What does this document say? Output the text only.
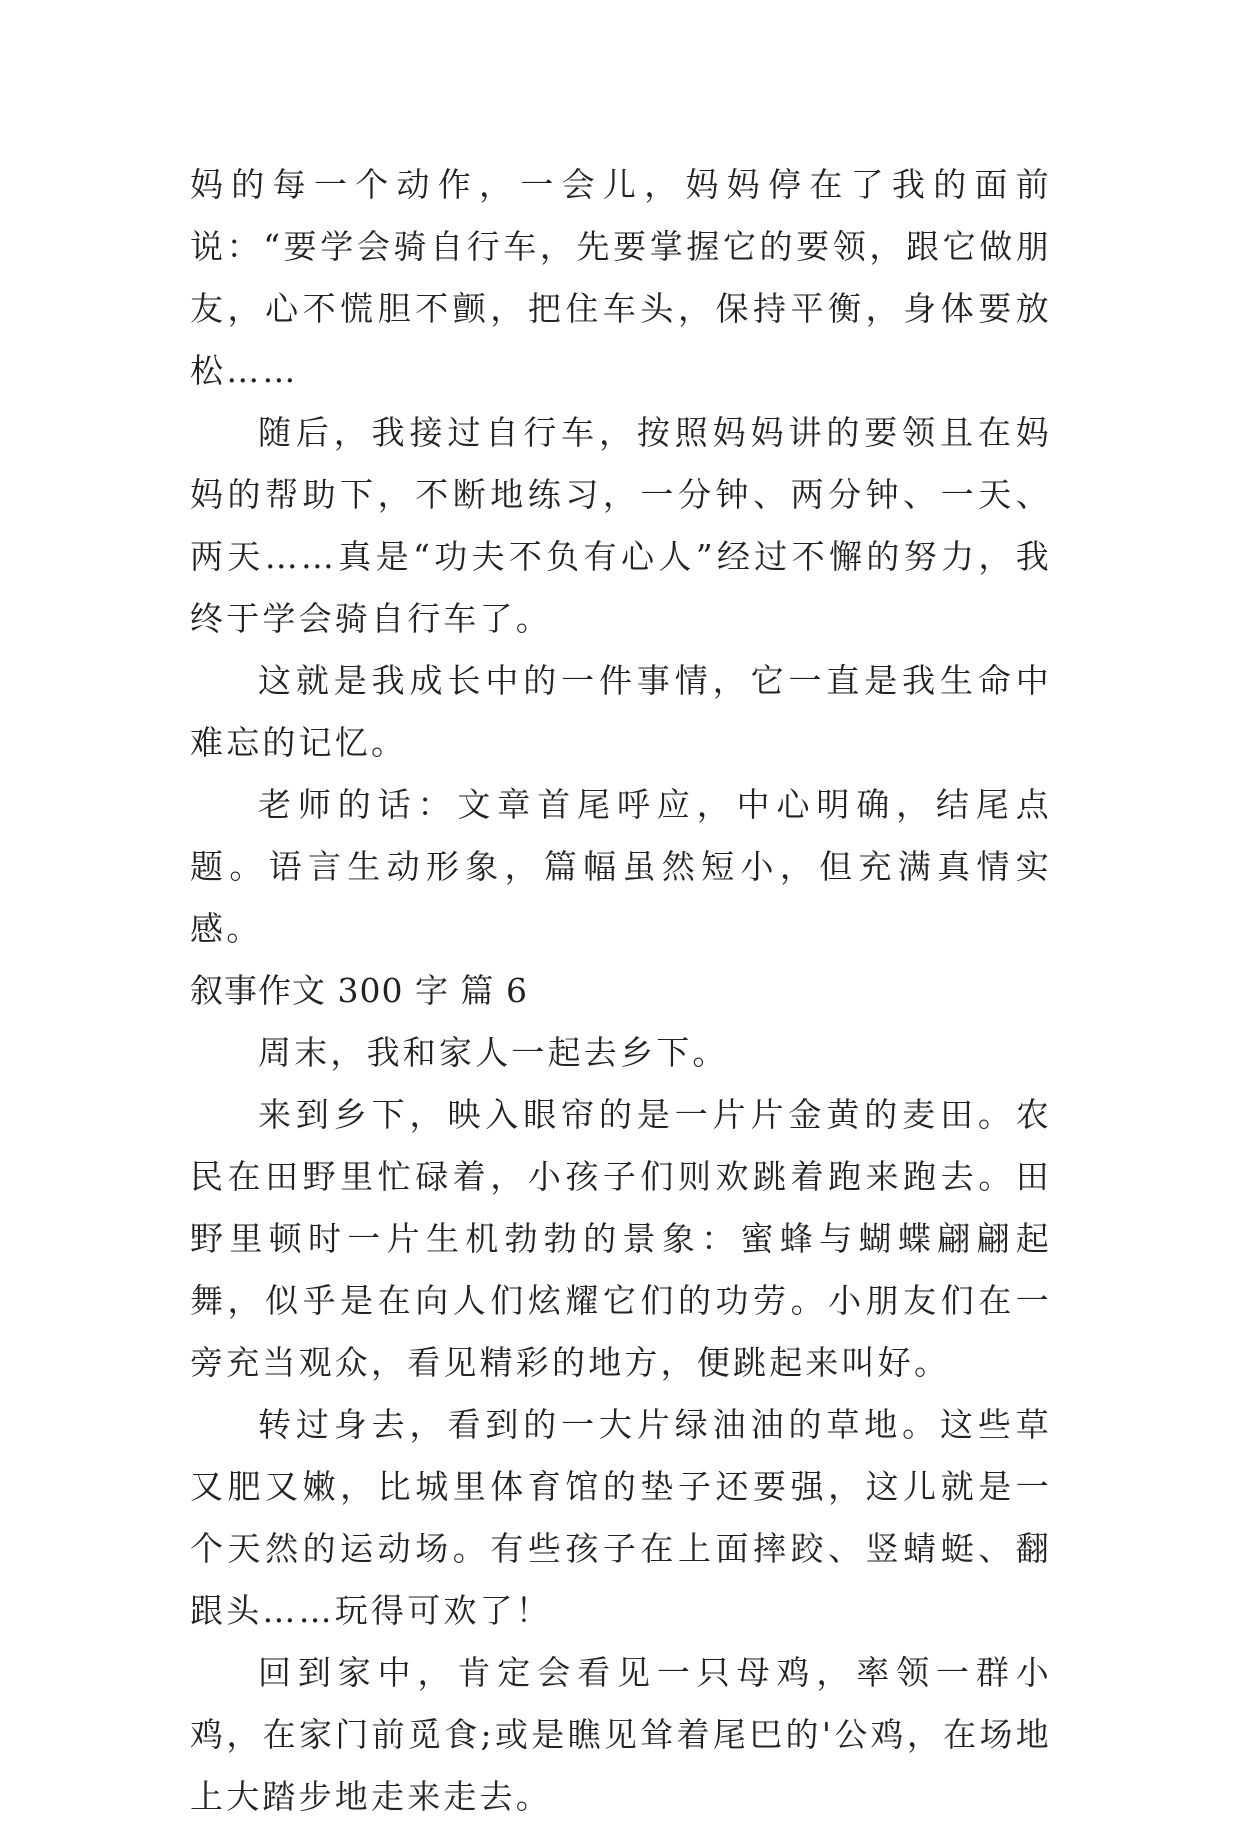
妈的每一个动作，一会儿，妈妈停在了我的面前说：“要学会骑自行车，先要掌握它的要领，跟它做朋友，心不慌胆不颤，把住车头，保持平衡，身体要放松……

随后，我接过自行车，按照妈妈讲的要领且在妈妈的帮助下，不断地练习，一分钟、两分钟、一天、两天……真是“功夫不负有心人”经过不懈的努力，我终于学会骑自行车了。

这就是我成长中的一件事情，它一直是我生命中难忘的记忆。

老师的话：文章首尾呼应，中心明确，结尾点题。语言生动形象，篇幅虽然短小，但充满真情实感。

叙事作文 300 字 篇 6

周末，我和家人一起去乡下。

来到乡下，映入眼帘的是一片片金黄的麦田。农民在田野里忙碌着，小孩子们则欢跳着跑来跑去。田野里顿时一片生机勃勃的景象：蜜蜂与蝴蝶翩翩起舞，似乎是在向人们炫耀它们的功劳。小朋友们在一旁充当观众，看见精彩的地方，便跳起来叫好。

转过身去，看到的一大片绿油油的草地。这些草又肥又嫩，比城里体育馆的垫子还要强，这儿就是一个天然的运动场。有些孩子在上面摔跤、竖蜻蜓、翻跟头……玩得可欢了！

回到家中，肯定会看见一只母鸡，率领一群小鸡，在家门前觅食;或是瞧见耸着尾巴的'公鸡，在场地上大踏步地走来走去。
